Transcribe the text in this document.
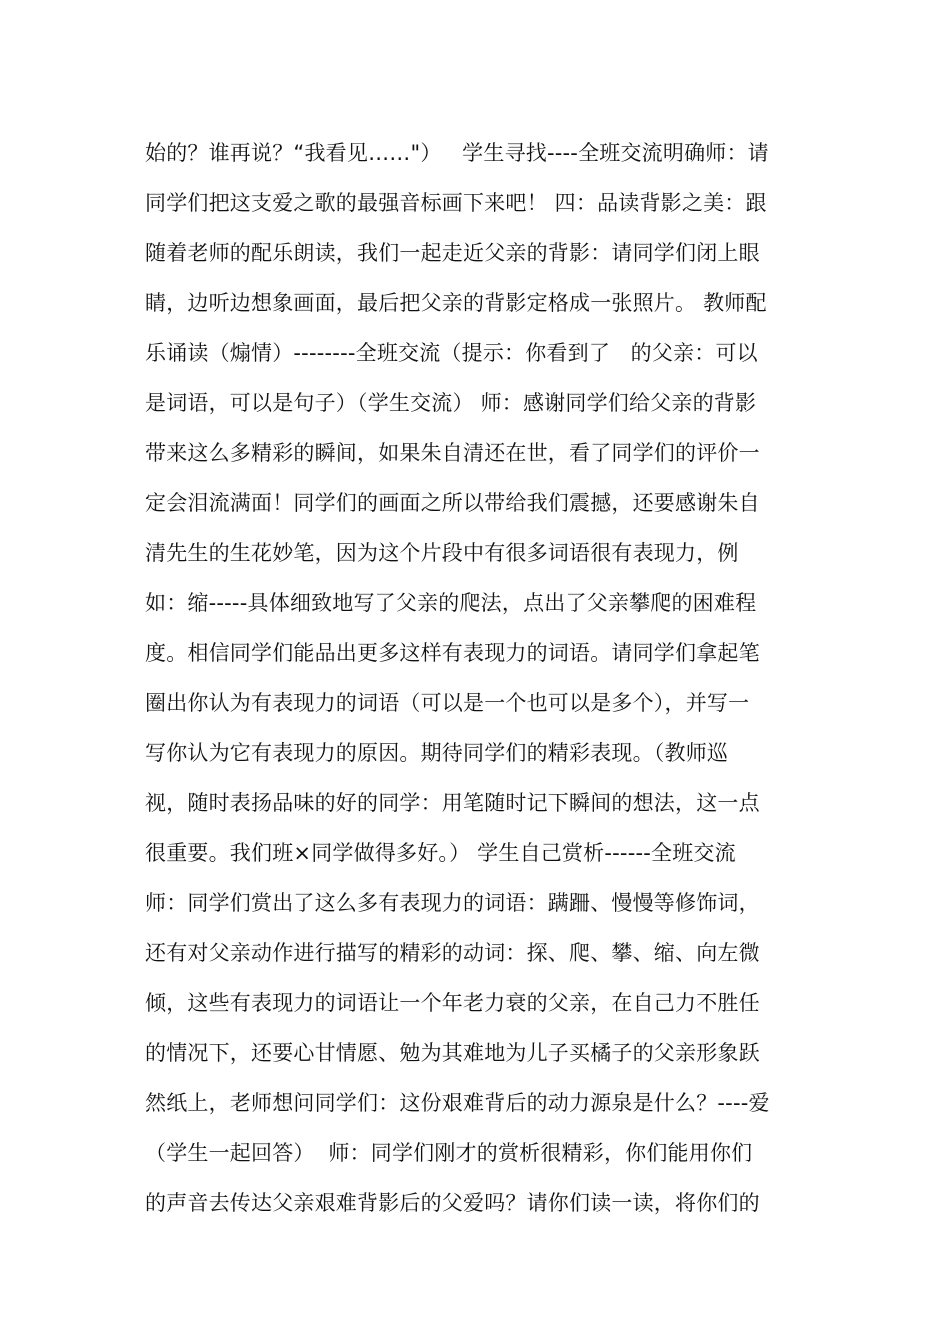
始的？谁再说？“我看见……"）   学生寻找----全班交流明确师：请
同学们把这支爱之歌的最强音标画下来吧！ 四：品读背影之美：跟
随着老师的配乐朗读，我们一起走近父亲的背影：请同学们闭上眼
睛，边听边想象画面，最后把父亲的背影定格成一张照片。 教师配
乐诵读（煽情）--------全班交流（提示：你看到了   的父亲：可以
是词语，可以是句子）（学生交流） 师：感谢同学们给父亲的背影
带来这么多精彩的瞬间，如果朱自清还在世，看了同学们的评价一
定会泪流满面！同学们的画面之所以带给我们震撼，还要感谢朱自
清先生的生花妙笔，因为这个片段中有很多词语很有表现力，例
如：缩-----具体细致地写了父亲的爬法，点出了父亲攀爬的困难程
度。相信同学们能品出更多这样有表现力的词语。请同学们拿起笔
圈出你认为有表现力的词语（可以是一个也可以是多个），并写一
写你认为它有表现力的原因。期待同学们的精彩表现。（教师巡
视，随时表扬品味的好的同学：用笔随时记下瞬间的想法，这一点
很重要。我们班×同学做得多好。） 学生自己赏析------全班交流
师：同学们赏出了这么多有表现力的词语：蹒跚、慢慢等修饰词，
还有对父亲动作进行描写的精彩的动词：探、爬、攀、缩、向左微
倾，这些有表现力的词语让一个年老力衰的父亲，在自己力不胜任
的情况下，还要心甘情愿、勉为其难地为儿子买橘子的父亲形象跃
然纸上，老师想问同学们：这份艰难背后的动力源泉是什么？----爱
（学生一起回答）  师：同学们刚才的赏析很精彩，你们能用你们
的声音去传达父亲艰难背影后的父爱吗？请你们读一读，将你们的
